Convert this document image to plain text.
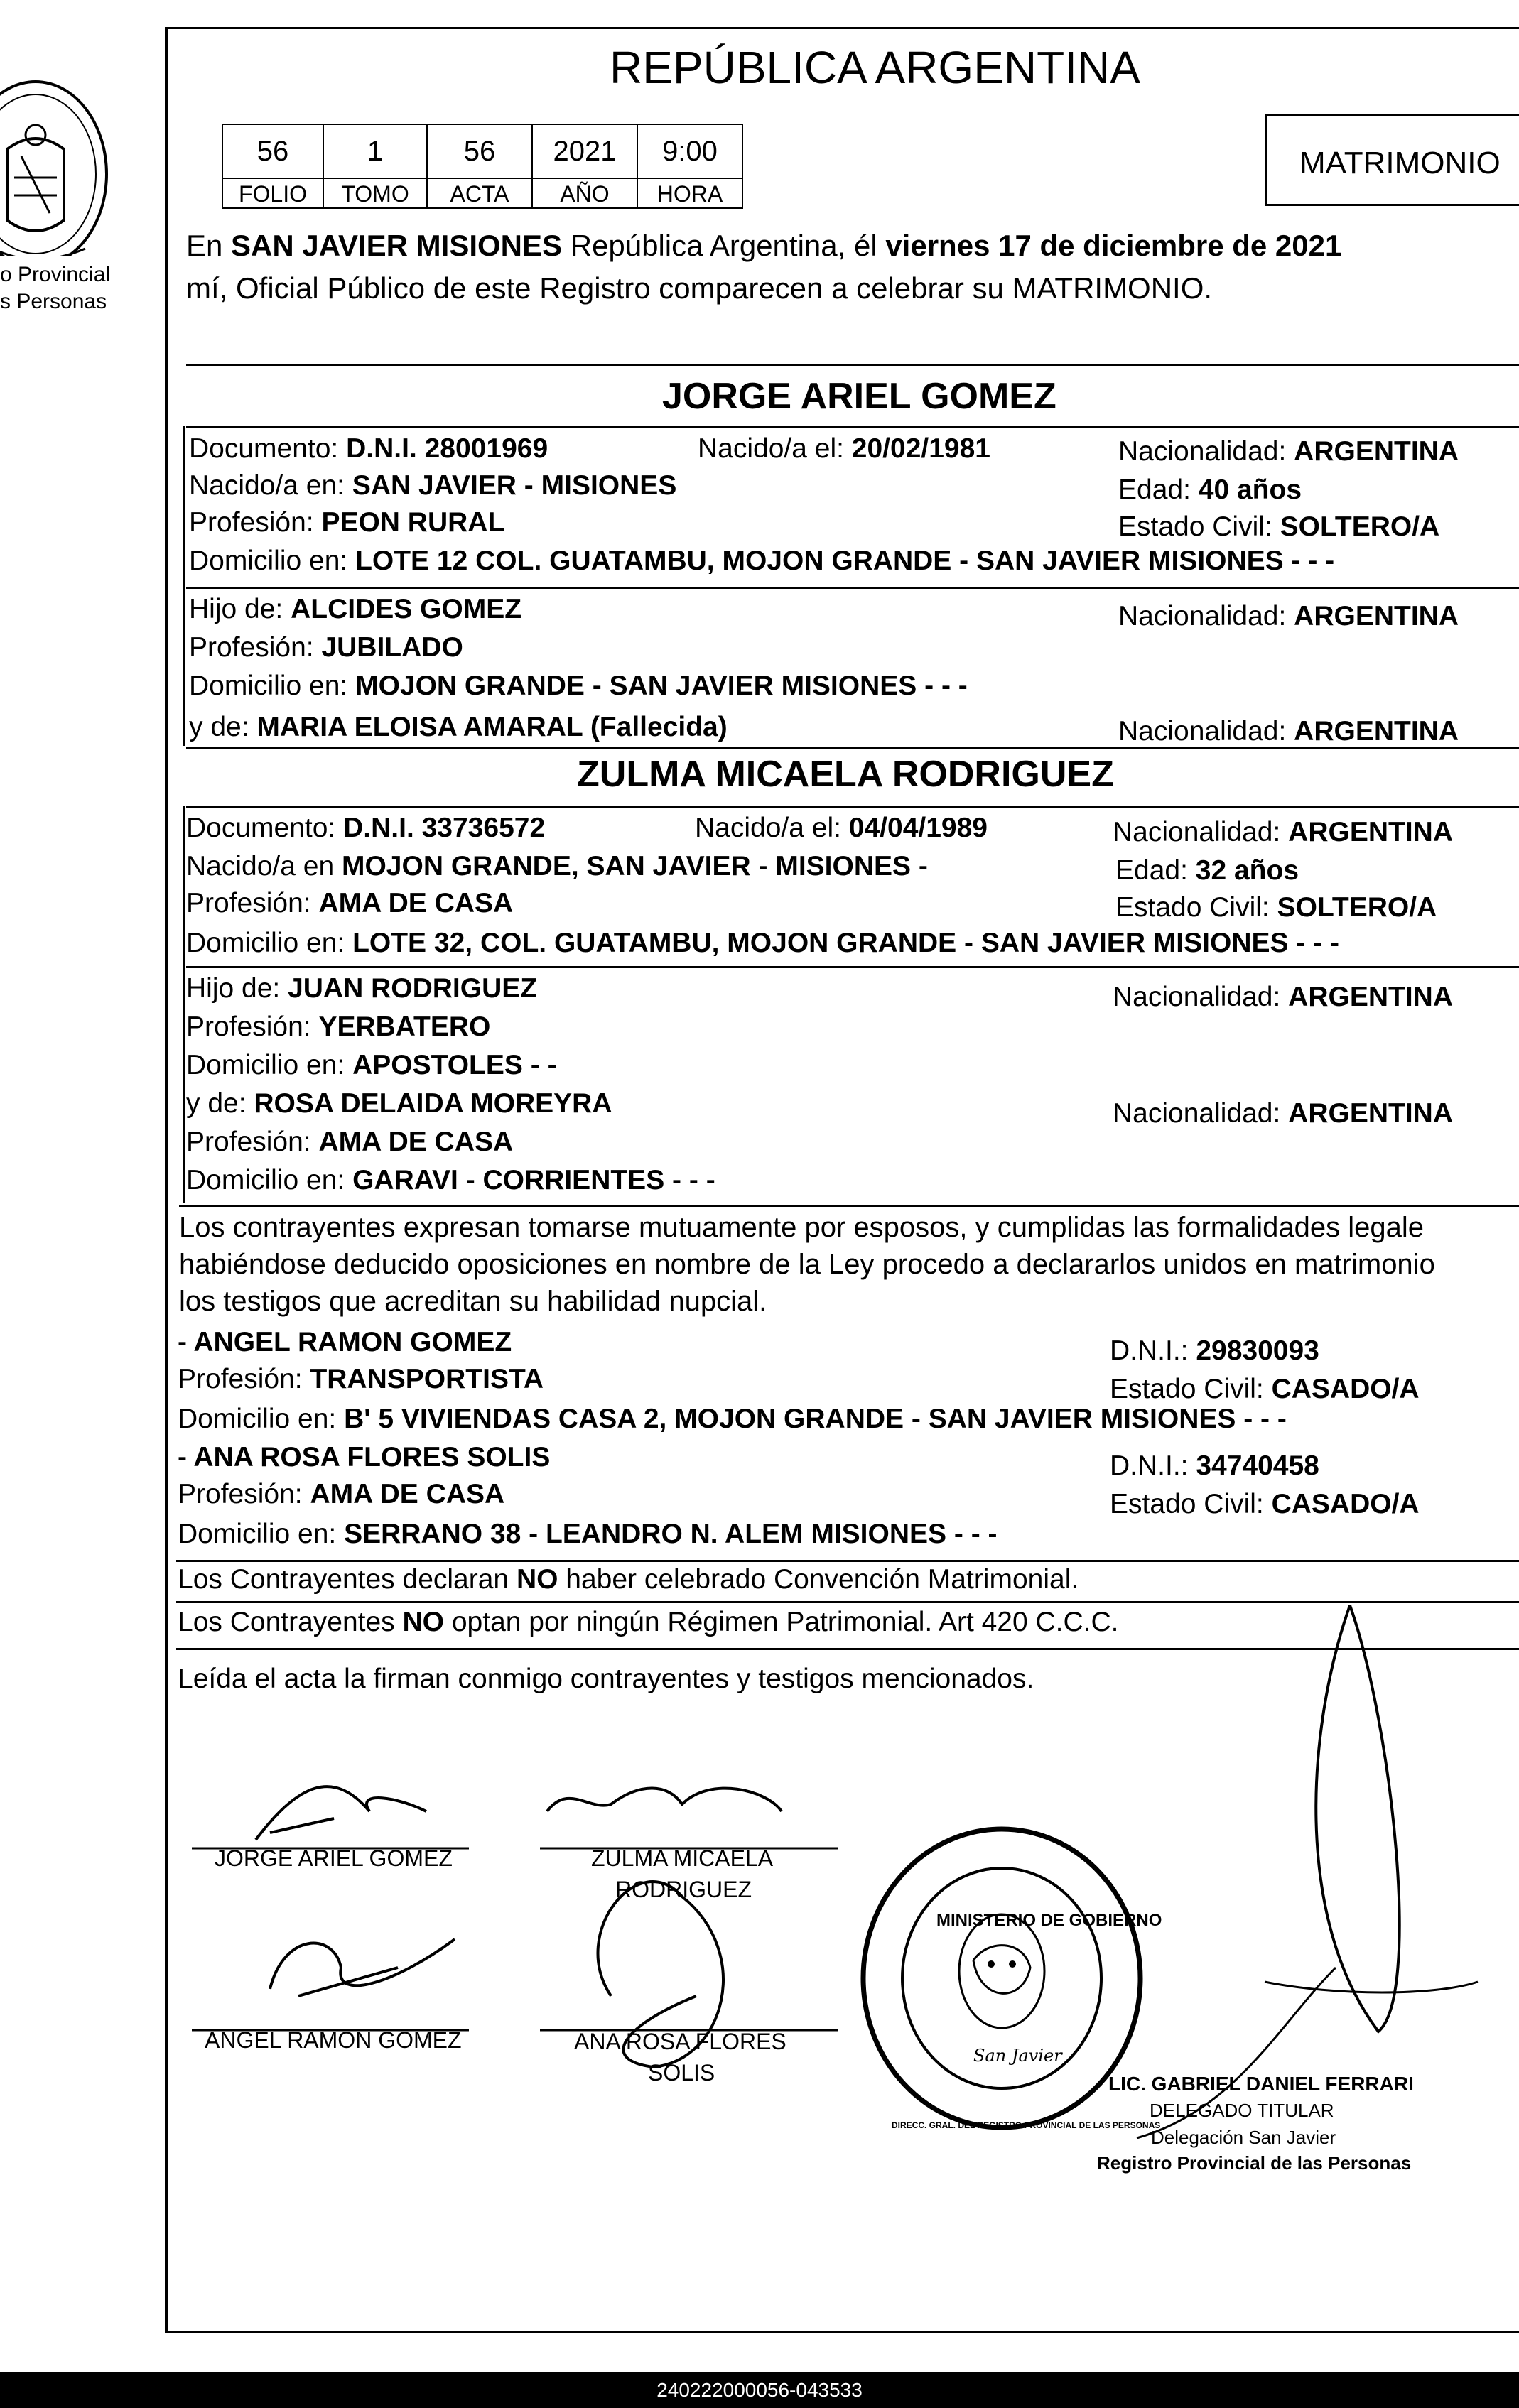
o Provincial
s Personas
REPÚBLICA ARGENTINA
56	1	56	2021	9:00
FOLIO	TOMO	ACTA	AÑO	HORA
MATRIMONIO
En SAN JAVIER MISIONES República Argentina, él viernes 17 de diciembre de 2021
mí, Oficial Público de este Registro comparecen a celebrar su MATRIMONIO.
JORGE ARIEL GOMEZ
Documento: D.N.I. 28001969	Nacido/a el: 20/02/1981	Nacionalidad: ARGENTINA
Nacido/a en: SAN JAVIER - MISIONES	Edad: 40 años
Profesión: PEON RURAL	Estado Civil: SOLTERO/A
Domicilio en: LOTE 12 COL. GUATAMBU, MOJON GRANDE - SAN JAVIER MISIONES - - -
Hijo de: ALCIDES GOMEZ	Nacionalidad: ARGENTINA
Profesión: JUBILADO
Domicilio en: MOJON GRANDE - SAN JAVIER MISIONES - - -
y de: MARIA ELOISA AMARAL (Fallecida)	Nacionalidad: ARGENTINA
ZULMA MICAELA RODRIGUEZ
Documento: D.N.I. 33736572	Nacido/a el: 04/04/1989	Nacionalidad: ARGENTINA
Nacido/a en MOJON GRANDE, SAN JAVIER - MISIONES -	Edad: 32 años
Profesión: AMA DE CASA	Estado Civil: SOLTERO/A
Domicilio en: LOTE 32, COL. GUATAMBU, MOJON GRANDE - SAN JAVIER MISIONES - - -
Hijo de: JUAN RODRIGUEZ	Nacionalidad: ARGENTINA
Profesión: YERBATERO
Domicilio en: APOSTOLES - -
y de: ROSA DELAIDA MOREYRA	Nacionalidad: ARGENTINA
Profesión: AMA DE CASA
Domicilio en: GARAVI - CORRIENTES - - -
Los contrayentes expresan tomarse mutuamente por esposos, y cumplidas las formalidades legale
habiéndose deducido oposiciones en nombre de la Ley procedo a declararlos unidos en matrimonio
los testigos que acreditan su habilidad nupcial.
- ANGEL RAMON GOMEZ	D.N.I.: 29830093
Profesión: TRANSPORTISTA	Estado Civil: CASADO/A
Domicilio en: B' 5 VIVIENDAS CASA 2, MOJON GRANDE - SAN JAVIER MISIONES - - -
- ANA ROSA FLORES SOLIS	D.N.I.: 34740458
Profesión: AMA DE CASA	Estado Civil: CASADO/A
Domicilio en: SERRANO 38 - LEANDRO N. ALEM MISIONES - - -
Los Contrayentes declaran NO haber celebrado Convención Matrimonial.
Los Contrayentes NO optan por ningún Régimen Patrimonial. Art 420 C.C.C.
Leída el acta la firman conmigo contrayentes y testigos mencionados.
JORGE ARIEL GOMEZ	ZULMA MICAELA
RODRIGUEZ
ANGEL RAMON GOMEZ	ANA ROSA FLORES
SOLIS
DIRECC. GRAL. DEL REGISTRO PROVINCIAL DE LAS PERSONAS
MINISTERIO DE GOBIERNO
San Javier
LIC. GABRIEL DANIEL FERRARI
DELEGADO TITULAR
Delegación San Javier
Registro Provincial de las Personas
240222000056-043533
